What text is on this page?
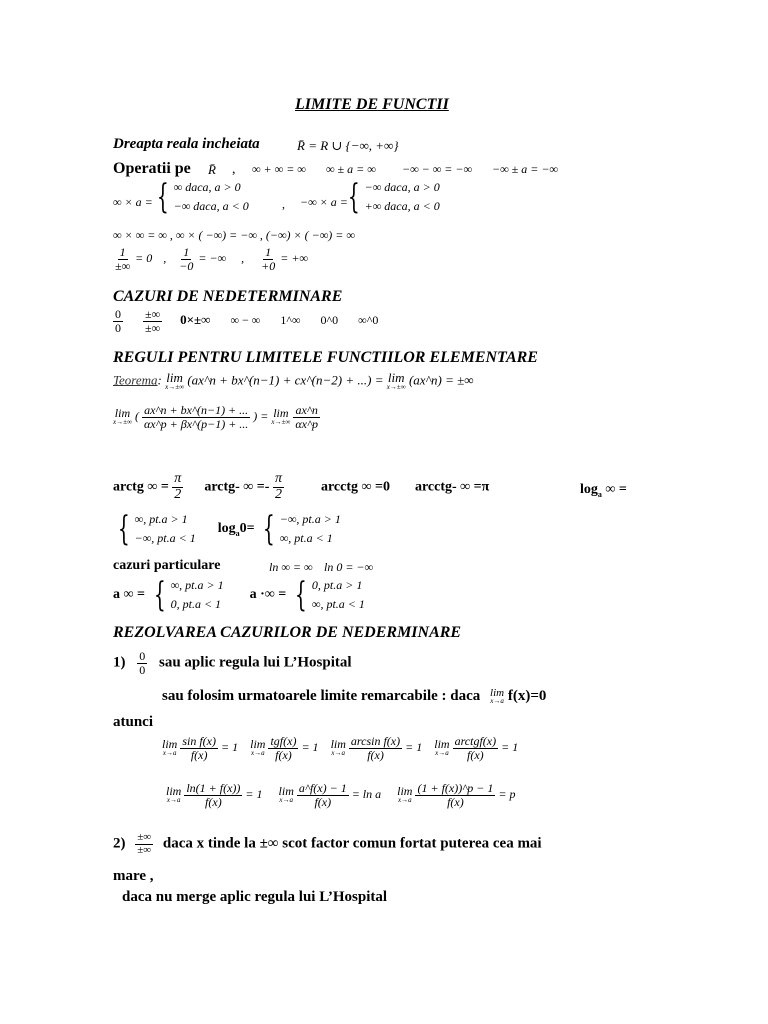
LIMITE DE FUNCTII
Dreapta reala incheiata	R̄ = R ∪ {−∞, +∞}
Operatii pe R̄ , ∞ + ∞ = ∞ ∞ ± a = ∞ −∞ − ∞ = −∞ −∞ ± a = −∞
∞ × a = { ∞ daca, a > 0
−∞ daca, a < 0	, −∞ × a = { −∞ daca, a > 0
+∞ daca, a < 0
∞ × ∞ = ∞ , ∞ × ( −∞) = −∞ , (−∞) × ( −∞) = ∞
$\frac{1}{\pm\infty} = 0$ , $\frac{1}{-0}$ = −∞ , $\frac{1}{+0}$ = +∞
CAZURI DE NEDETERMINARE
$\frac{0}{0}$
$\frac{\pm\infty}{\pm\infty} 0\times\pm\infty$ ∞ − ∞ 1^∞ 0^0 ∞^0
REGULI PENTRU LIMITELE FUNCTIILOR ELEMENTARE
Teorema: lim
x→±∞ (ax^n + bx^(n−1) + cx^(n−2) + ...) = lim
x→±∞ (ax^n) = ±∞
lim
x→±∞ ( $\frac{ax\^{}n + bx\^{}(n-1) + ...}{\alpha x\^{}p + \beta x\^{}(p-1) + ...}$ ) = lim
x→±∞
$\frac{ax\^{}n}{\alpha x\^{}p}$
arctg ∞ = $\frac{\pi}{2}$ arctg- ∞ =- $\frac{\pi}{2}$	arcctg ∞ =0 arcctg- ∞ =π	$\log_a$ ∞ =
{ ∞, pt.a > 1
−∞, pt.a < 1
$\log_a0=$ { −∞, pt.a > 1
∞, pt.a < 1
cazuri particulare	ln ∞ = ∞ ln 0 = −∞
a ∞ = { ∞, pt.a > 1
0, pt.a < 1
a ·∞ = { 0, pt.a > 1
∞, pt.a < 1
REZOLVAREA CAZURILOR DE NEDERMINARE
$1) \frac{0}{0}$ sau aplic regula lui L’Hospital
sau folosim urmatoarele limite remarcabile : daca lim
x→a f(x)=0
atunci
lim
x→a
$\frac{\text{sin f(x)}}{f(x)} = 1$ lim
x→a
$\frac{\text{tgf(x)}}{f(x)} = 1$ lim
x→a
$\frac{\text{arcsin f(x)}}{f(x)} = 1$ lim
x→a
$\frac{\text{arctgf(x)}}{f(x)} = 1$
lim
x→a
$\frac{\ln(1 + f(x))}{f(x)} = 1$ lim
x→a
$\frac{a\^{}f(x) - 1}{f(x)} = \ln a$ lim
x→a
$\frac{(1 + f(x))\^{}p - 1}{f(x)} = p$
$2) \frac{\pm\infty}{\pm\infty}$ daca x tinde la ±∞ scot factor comun fortat puterea cea mai
mare ,
daca nu merge aplic regula lui L’Hospital
